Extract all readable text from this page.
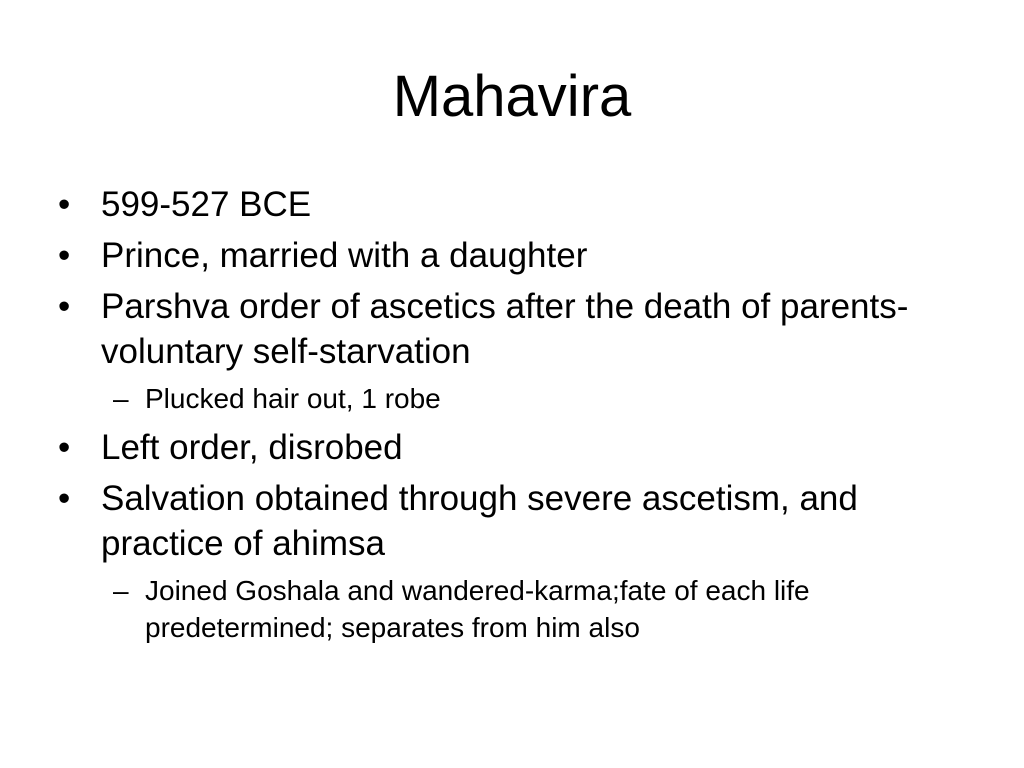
Mahavira
• 599-527 BCE
• Prince, married with a daughter
• Parshva order of ascetics after the death of parents-voluntary self-starvation
– Plucked hair out, 1 robe
• Left order, disrobed
• Salvation obtained through severe ascetism, and practice of ahimsa
– Joined Goshala and wandered-karma;fate of each life predetermined; separates from him also
